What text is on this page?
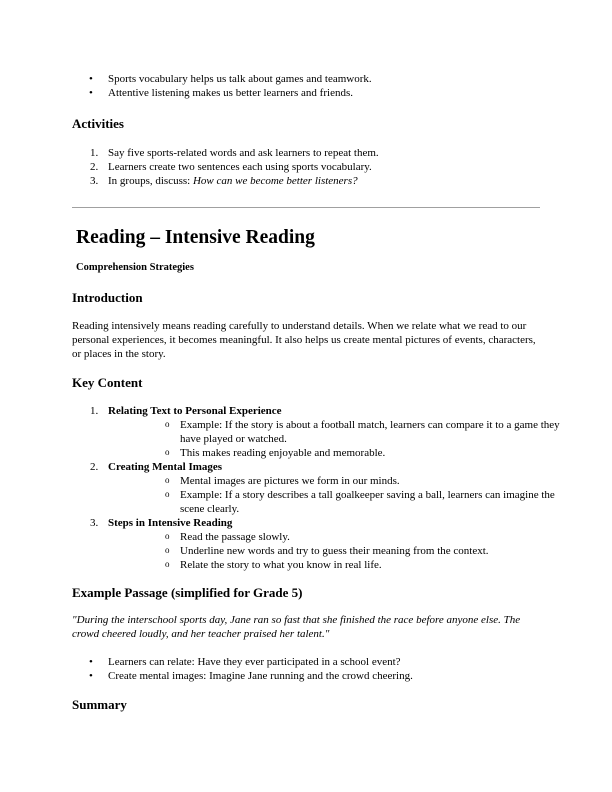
• Sports vocabulary helps us talk about games and teamwork.
• Attentive listening makes us better learners and friends.
Activities
1. Say five sports-related words and ask learners to repeat them.
2. Learners create two sentences each using sports vocabulary.
3. In groups, discuss: How can we become better listeners?
Reading – Intensive Reading
Comprehension Strategies
Introduction
Reading intensively means reading carefully to understand details. When we relate what we read to our personal experiences, it becomes meaningful. It also helps us create mental pictures of events, characters, or places in the story.
Key Content
1. Relating Text to Personal Experience
o Example: If the story is about a football match, learners can compare it to a game they have played or watched.
o This makes reading enjoyable and memorable.
2. Creating Mental Images
o Mental images are pictures we form in our minds.
o Example: If a story describes a tall goalkeeper saving a ball, learners can imagine the scene clearly.
3. Steps in Intensive Reading
o Read the passage slowly.
o Underline new words and try to guess their meaning from the context.
o Relate the story to what you know in real life.
Example Passage (simplified for Grade 5)
"During the interschool sports day, Jane ran so fast that she finished the race before anyone else. The crowd cheered loudly, and her teacher praised her talent."
• Learners can relate: Have they ever participated in a school event?
• Create mental images: Imagine Jane running and the crowd cheering.
Summary
